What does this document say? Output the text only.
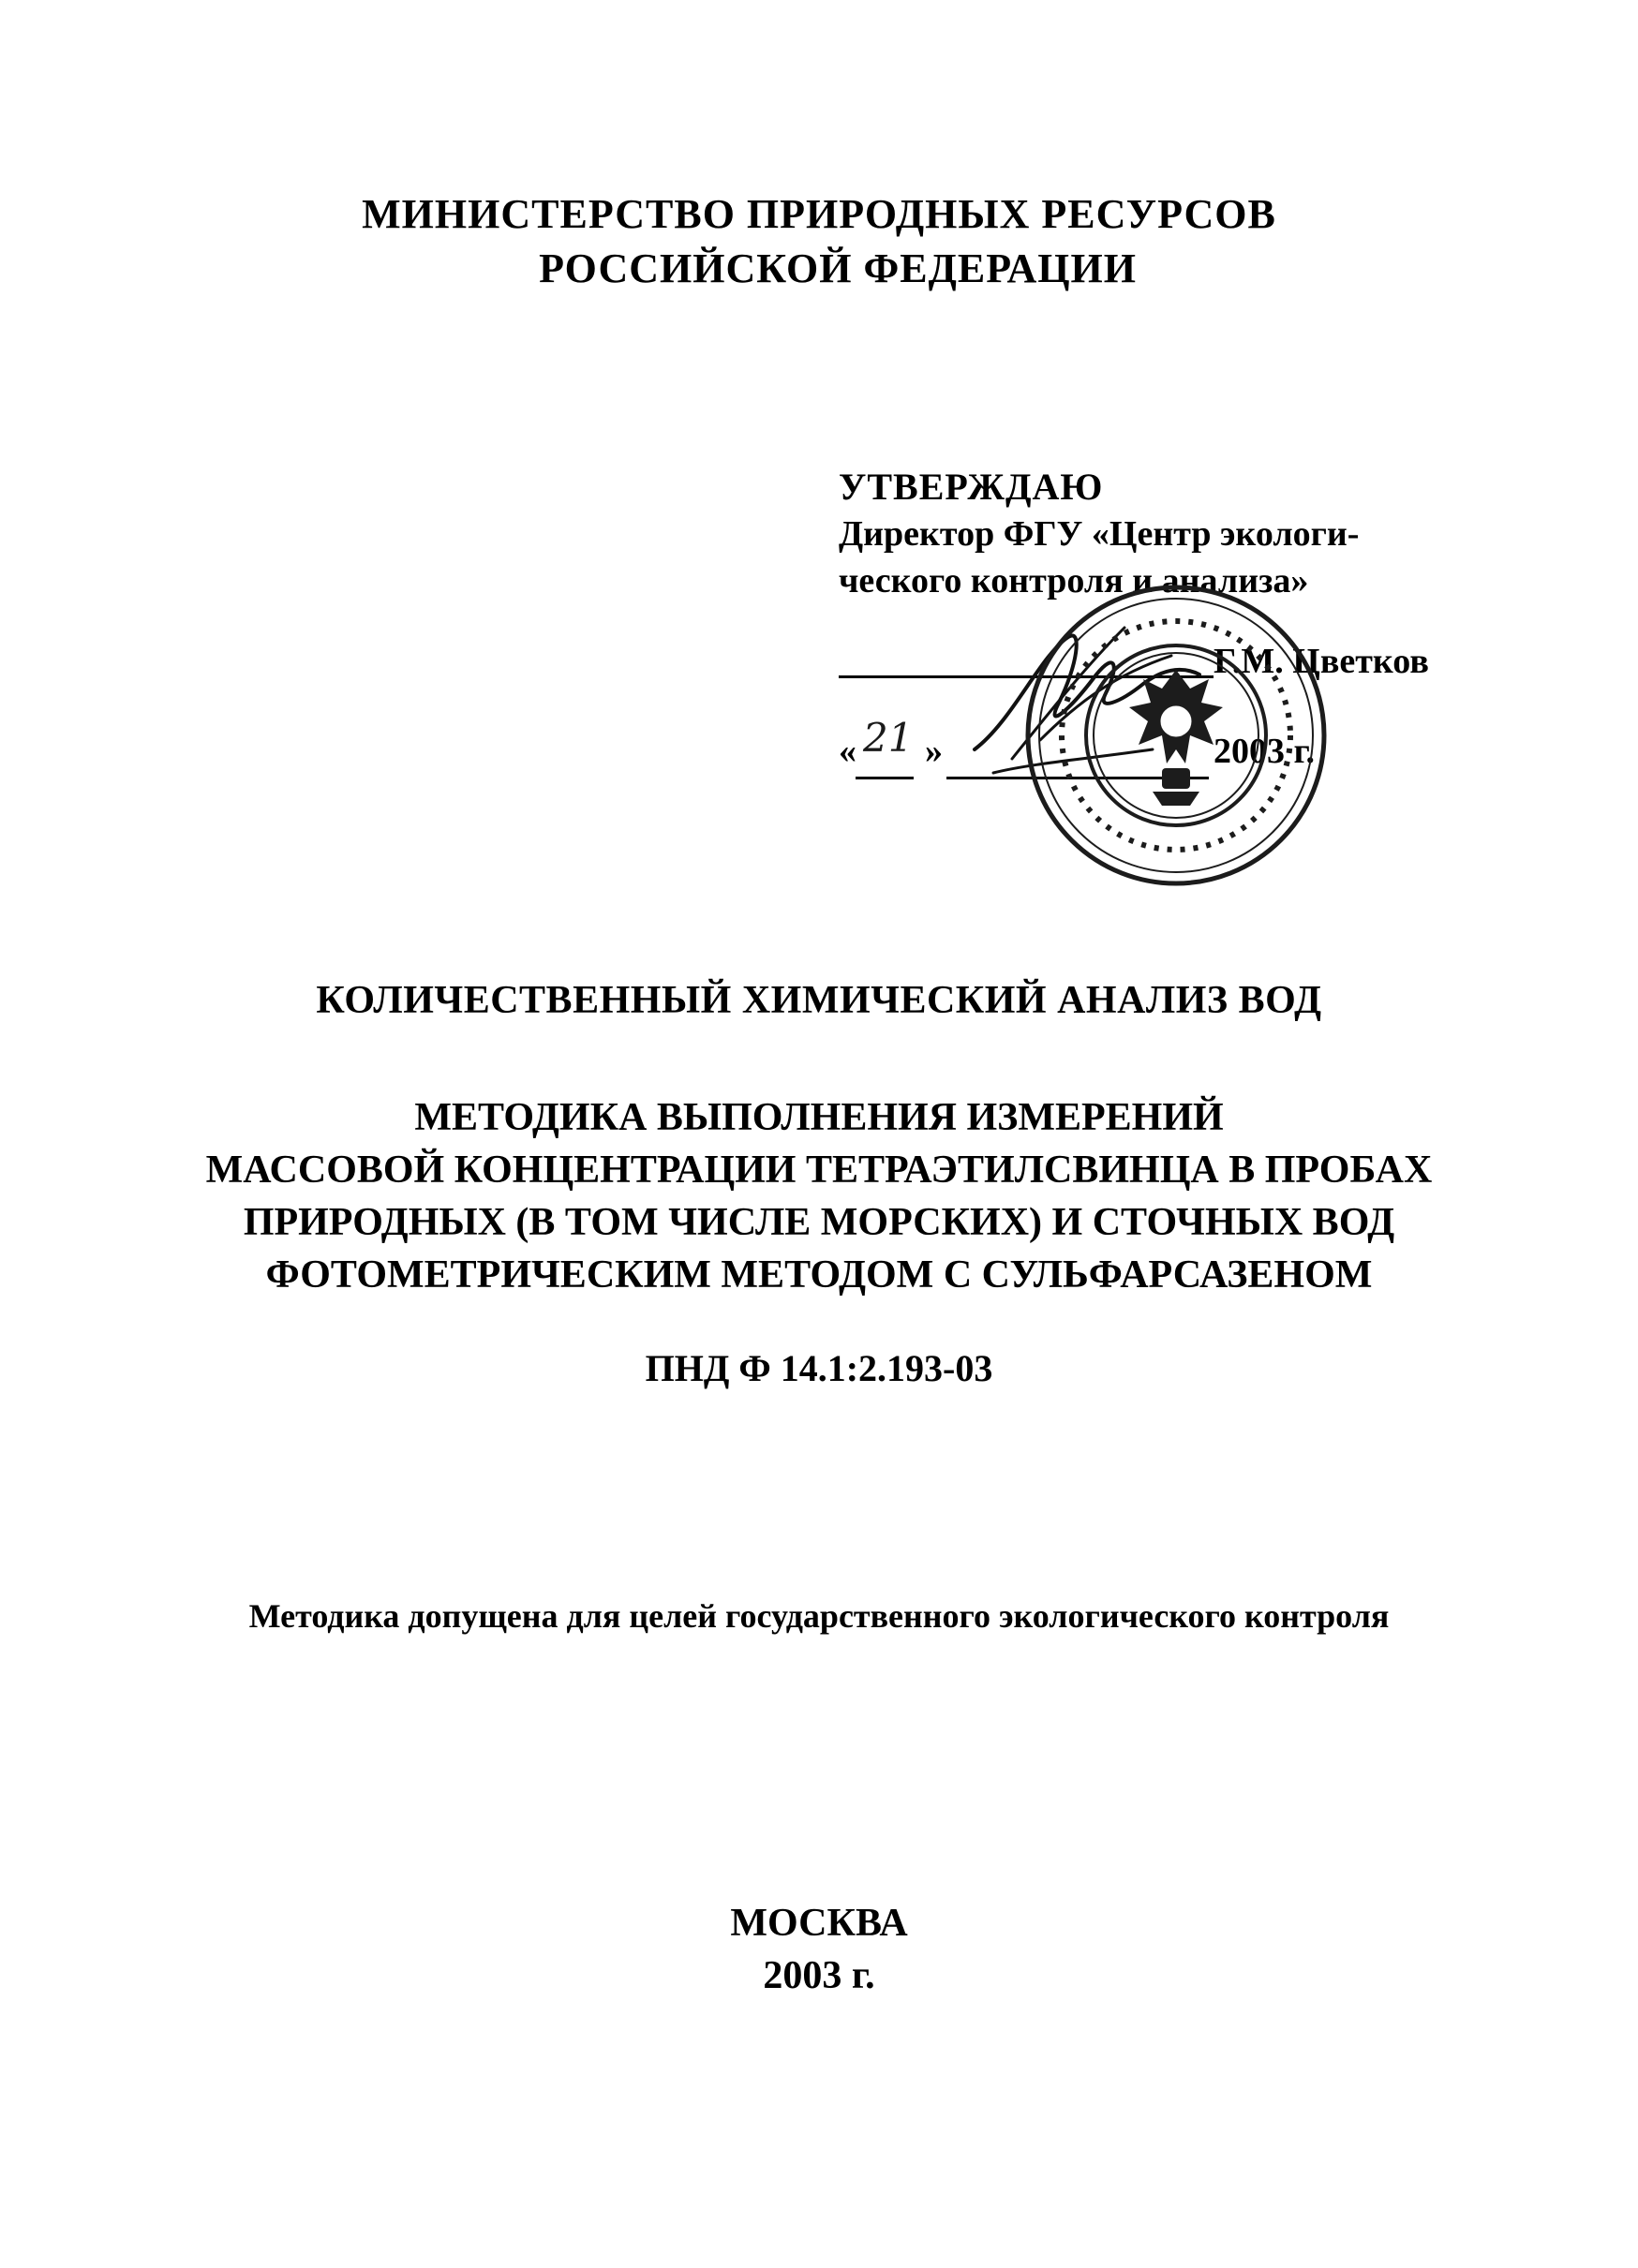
МИНИСТЕРСТВО ПРИРОДНЫХ РЕСУРСОВ
РОССИЙСКОЙ ФЕДЕРАЦИИ
УТВЕРЖДАЮ
Директор ФГУ «Центр экологи-
ческого контроля и анализа»
Г.М. Цветков
« 21 »	2003 г.
КОЛИЧЕСТВЕННЫЙ ХИМИЧЕСКИЙ АНАЛИЗ ВОД
МЕТОДИКА ВЫПОЛНЕНИЯ ИЗМЕРЕНИЙ
МАССОВОЙ КОНЦЕНТРАЦИИ ТЕТРАЭТИЛСВИНЦА В ПРОБАХ
ПРИРОДНЫХ (В ТОМ ЧИСЛЕ МОРСКИХ) И СТОЧНЫХ ВОД
ФОТОМЕТРИЧЕСКИМ МЕТОДОМ С СУЛЬФАРСАЗЕНОМ
ПНД Ф 14.1:2.193-03
Методика допущена для целей государственного экологического контроля
МОСКВА
2003 г.
